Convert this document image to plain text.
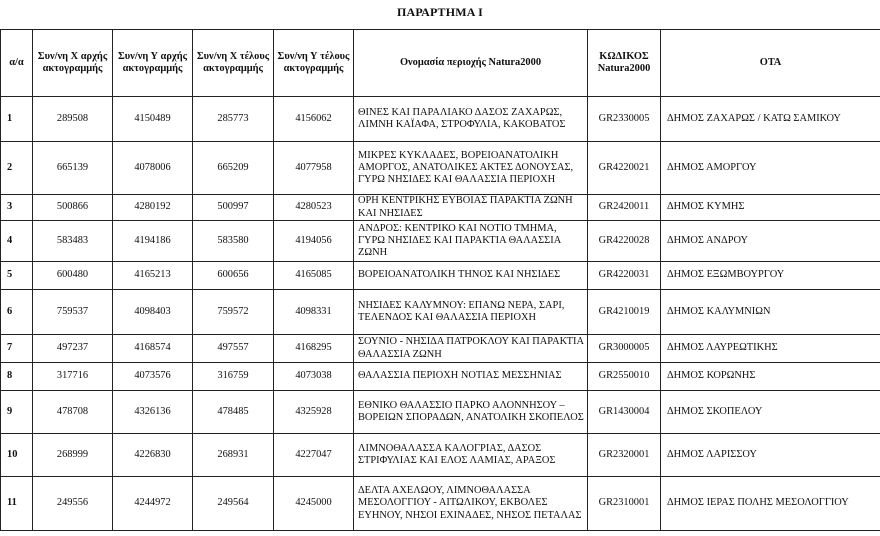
ΠΑΡΑΡΤΗΜΑ Ι
α/α	Συν/νη Χ αρχής ακτογραμμής	Συν/νη Υ αρχής ακτογραμμής	Συν/νη Χ τέλους ακτογραμμής	Συν/νη Υ τέλους ακτογραμμής	Ονομασία περιοχής Natura2000	ΚΩΔΙΚΟΣ Natura2000	ΟΤΑ
1	289508	4150489	285773	4156062	ΘΙΝΕΣ ΚΑΙ ΠΑΡΑΛΙΑΚΟ ΔΑΣΟΣ ΖΑΧΑΡΩΣ, ΛΙΜΝΗ ΚΑΪΑΦΑ, ΣΤΡΟΦΥΛΙΑ, ΚΑΚΟΒΑΤΟΣ	GR2330005	ΔΗΜΟΣ ΖΑΧΑΡΩΣ / ΚΑΤΩ ΣΑΜΙΚΟΥ
2	665139	4078006	665209	4077958	ΜΙΚΡΕΣ ΚΥΚΛΑΔΕΣ, ΒΟΡΕΙΟΑΝΑΤΟΛΙΚΗ ΑΜΟΡΓΟΣ, ΑΝΑΤΟΛΙΚΕΣ ΑΚΤΕΣ ΔΟΝΟΥΣΑΣ, ΓΥΡΩ ΝΗΣΙΔΕΣ ΚΑΙ ΘΑΛΑΣΣΙΑ ΠΕΡΙΟΧΗ	GR4220021	ΔΗΜΟΣ ΑΜΟΡΓΟΥ
3	500866	4280192	500997	4280523	ΟΡΗ ΚΕΝΤΡΙΚΗΣ ΕΥΒΟΙΑΣ ΠΑΡΑΚΤΙΑ ΖΩΝΗ ΚΑΙ ΝΗΣΙΔΕΣ	GR2420011	ΔΗΜΟΣ ΚΥΜΗΣ
4	583483	4194186	583580	4194056	ΑΝΔΡΟΣ: ΚΕΝΤΡΙΚΟ ΚΑΙ ΝΟΤΙΟ ΤΜΗΜΑ, ΓΥΡΩ ΝΗΣΙΔΕΣ ΚΑΙ ΠΑΡΑΚΤΙΑ ΘΑΛΑΣΣΙΑ ΖΩΝΗ	GR4220028	ΔΗΜΟΣ ΑΝΔΡΟΥ
5	600480	4165213	600656	4165085	ΒΟΡΕΙΟΑΝΑΤΟΛΙΚΗ ΤΗΝΟΣ ΚΑΙ ΝΗΣΙΔΕΣ	GR4220031	ΔΗΜΟΣ ΕΞΩΜΒΟΥΡΓΟΥ
6	759537	4098403	759572	4098331	ΝΗΣΙΔΕΣ ΚΑΛΥΜΝΟΥ: ΕΠΑΝΩ ΝΕΡΑ, ΣΑΡΙ, ΤΕΛΕΝΔΟΣ ΚΑΙ ΘΑΛΑΣΣΙΑ ΠΕΡΙΟΧΗ	GR4210019	ΔΗΜΟΣ ΚΑΛΥΜΝΙΩΝ
7	497237	4168574	497557	4168295	ΣΟΥΝΙΟ - ΝΗΣΙΔΑ ΠΑΤΡΟΚΛΟΥ ΚΑΙ ΠΑΡΑΚΤΙΑ ΘΑΛΑΣΣΙΑ ΖΩΝΗ	GR3000005	ΔΗΜΟΣ ΛΑΥΡΕΩΤΙΚΗΣ
8	317716	4073576	316759	4073038	ΘΑΛΑΣΣΙΑ ΠΕΡΙΟΧΗ ΝΟΤΙΑΣ ΜΕΣΣΗΝΙΑΣ	GR2550010	ΔΗΜΟΣ ΚΟΡΩΝΗΣ
9	478708	4326136	478485	4325928	ΕΘΝΙΚΟ ΘΑΛΑΣΣΙΟ ΠΑΡΚΟ ΑΛΟΝΝΗΣΟΥ – ΒΟΡΕΙΩΝ ΣΠΟΡΑΔΩΝ, ΑΝΑΤΟΛΙΚΗ ΣΚΟΠΕΛΟΣ	GR1430004	ΔΗΜΟΣ ΣΚΟΠΕΛΟΥ
10	268999	4226830	268931	4227047	ΛΙΜΝΟΘΑΛΑΣΣΑ ΚΑΛΟΓΡΙΑΣ, ΔΑΣΟΣ ΣΤΡΙΦΥΛΙΑΣ ΚΑΙ ΕΛΟΣ ΛΑΜΙΑΣ, ΑΡΑΞΟΣ	GR2320001	ΔΗΜΟΣ ΛΑΡΙΣΣΟΥ
11	249556	4244972	249564	4245000	ΔΕΛΤΑ ΑΧΕΛΩΟΥ, ΛΙΜΝΟΘΑΛΑΣΣΑ ΜΕΣΟΛΟΓΓΙΟΥ - ΑΙΤΩΛΙΚΟΥ, ΕΚΒΟΛΕΣ ΕΥΗΝΟΥ, ΝΗΣΟΙ ΕΧΙΝΑΔΕΣ, ΝΗΣΟΣ ΠΕΤΑΛΑΣ	GR2310001	ΔΗΜΟΣ ΙΕΡΑΣ ΠΟΛΗΣ ΜΕΣΟΛΟΓΓΙΟΥ
